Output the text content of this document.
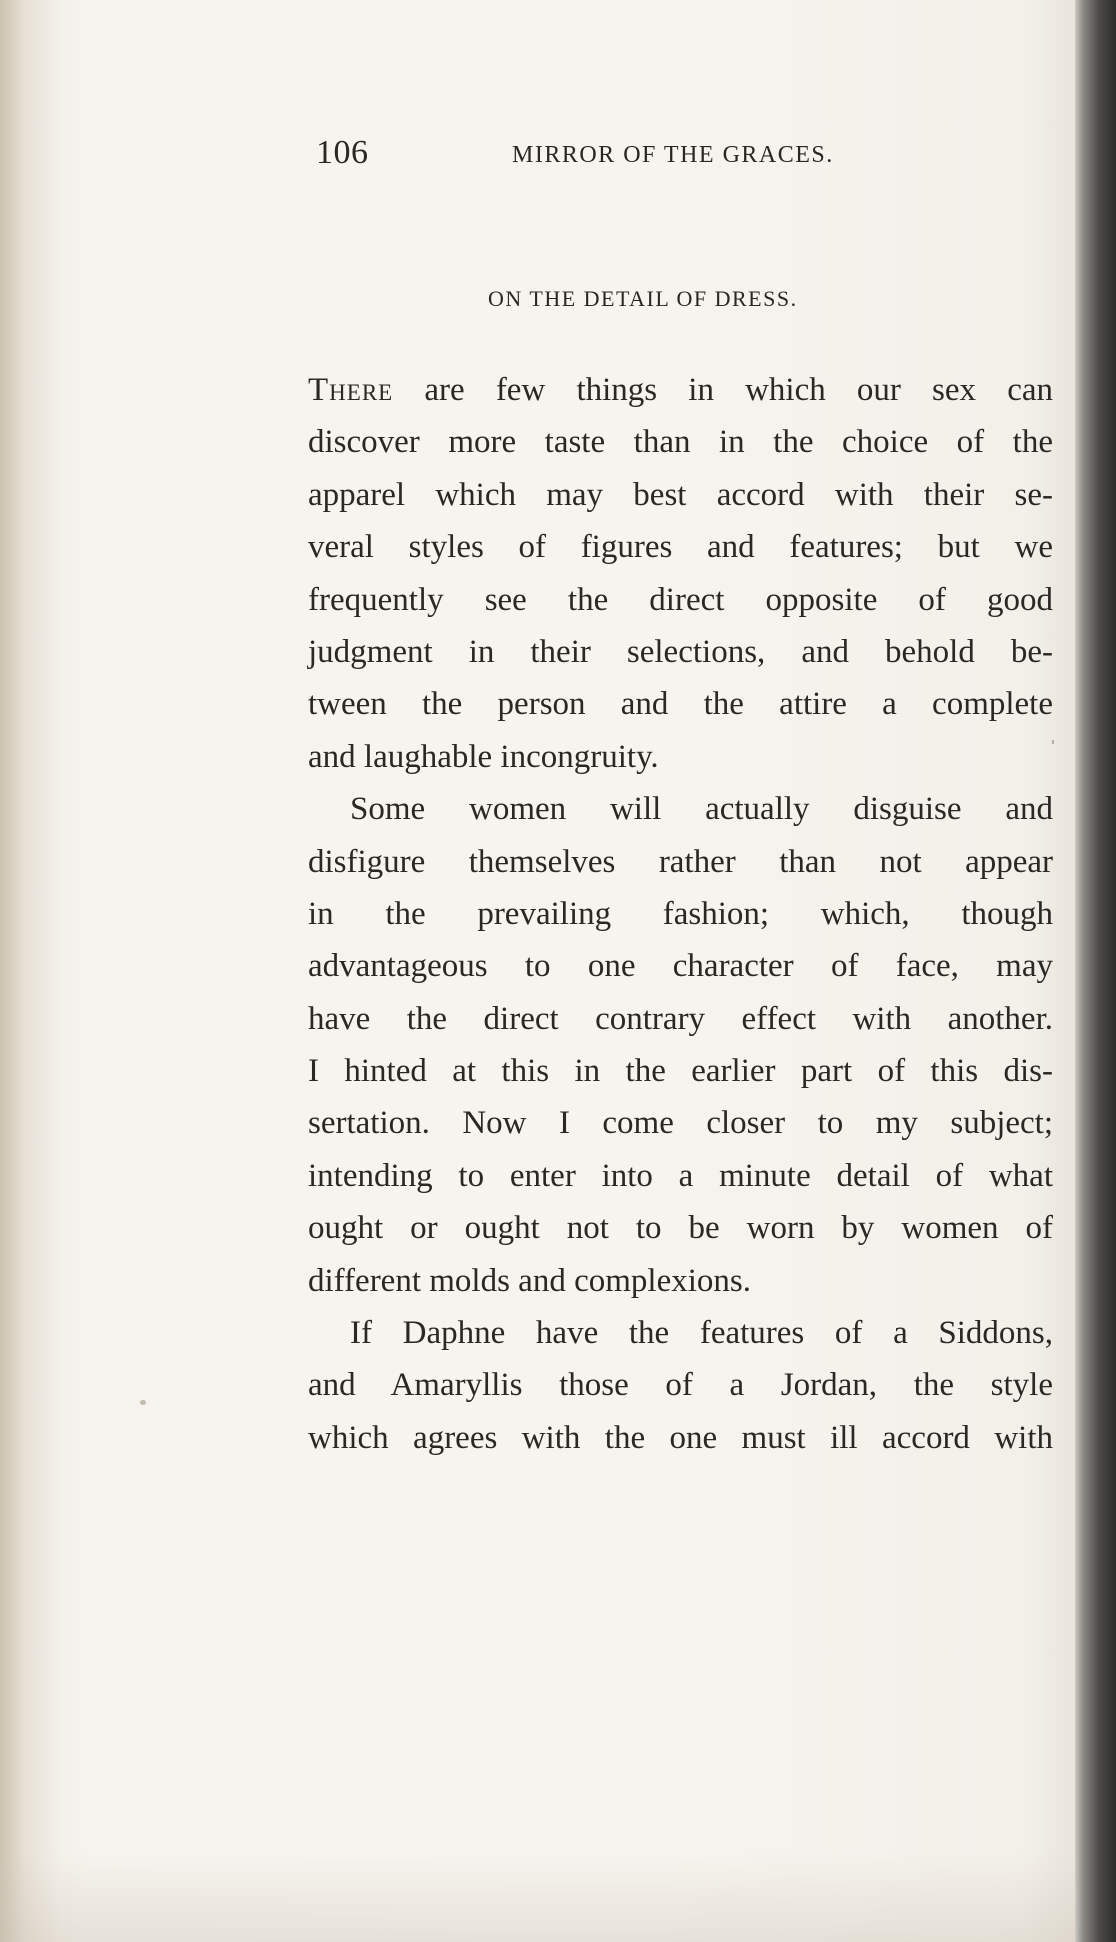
106	MIRROR OF THE GRACES.
ON THE DETAIL OF DRESS.
There are few things in which our sex can
discover more taste than in the choice of the
apparel which may best accord with their se-
veral styles of figures and features; but we
frequently see the direct opposite of good
judgment in their selections, and behold be-
tween the person and the attire a complete
and laughable incongruity.
Some women will actually disguise and
disfigure themselves rather than not appear
in the prevailing fashion; which, though
advantageous to one character of face, may
have the direct contrary effect with another.
I hinted at this in the earlier part of this dis-
sertation. Now I come closer to my subject;
intending to enter into a minute detail of what
ought or ought not to be worn by women of
different molds and complexions.
If Daphne have the features of a Siddons,
and Amaryllis those of a Jordan, the style
which agrees with the one must ill accord with
